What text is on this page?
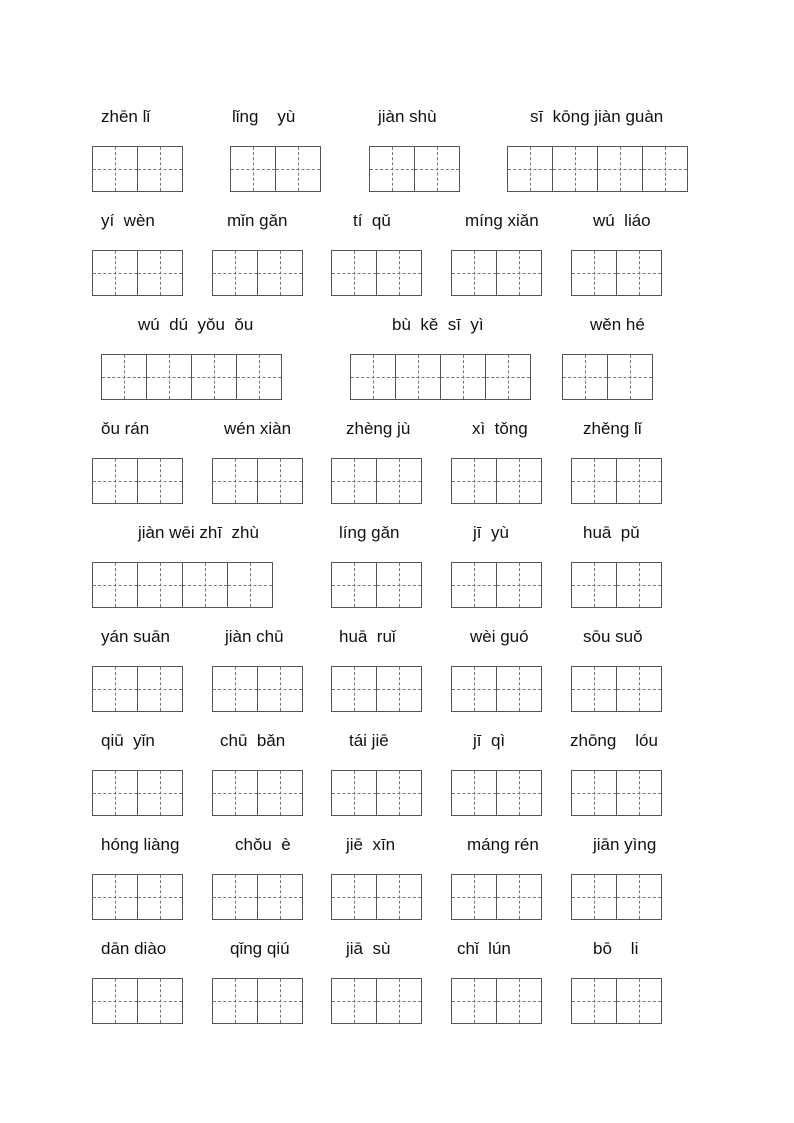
zhēn lǐ	lǐng    yù	jiàn shù	sī  kōng jiàn guàn
yí  wèn	mǐn gǎn	tí  qǔ	míng xiǎn	wú  liáo
wú  dú  yǒu  ǒu	bù  kě  sī  yì	wěn hé
ǒu rán	wén xiàn	zhèng jù	xì  tǒng	zhěng lǐ
jiàn wēi zhī  zhù	líng gǎn	jī  yù	huā  pǔ
yán suān	jiàn chū	huā  ruǐ	wèi guó	sōu suǒ
qiū  yǐn	chū  bǎn	tái jiē	jī  qì	zhōng    lóu
hóng liàng	chǒu  è	jiē  xīn	máng rén	jiān yìng
dān diào	qǐng qiú	jiā  sù	chǐ  lún	bō    li
